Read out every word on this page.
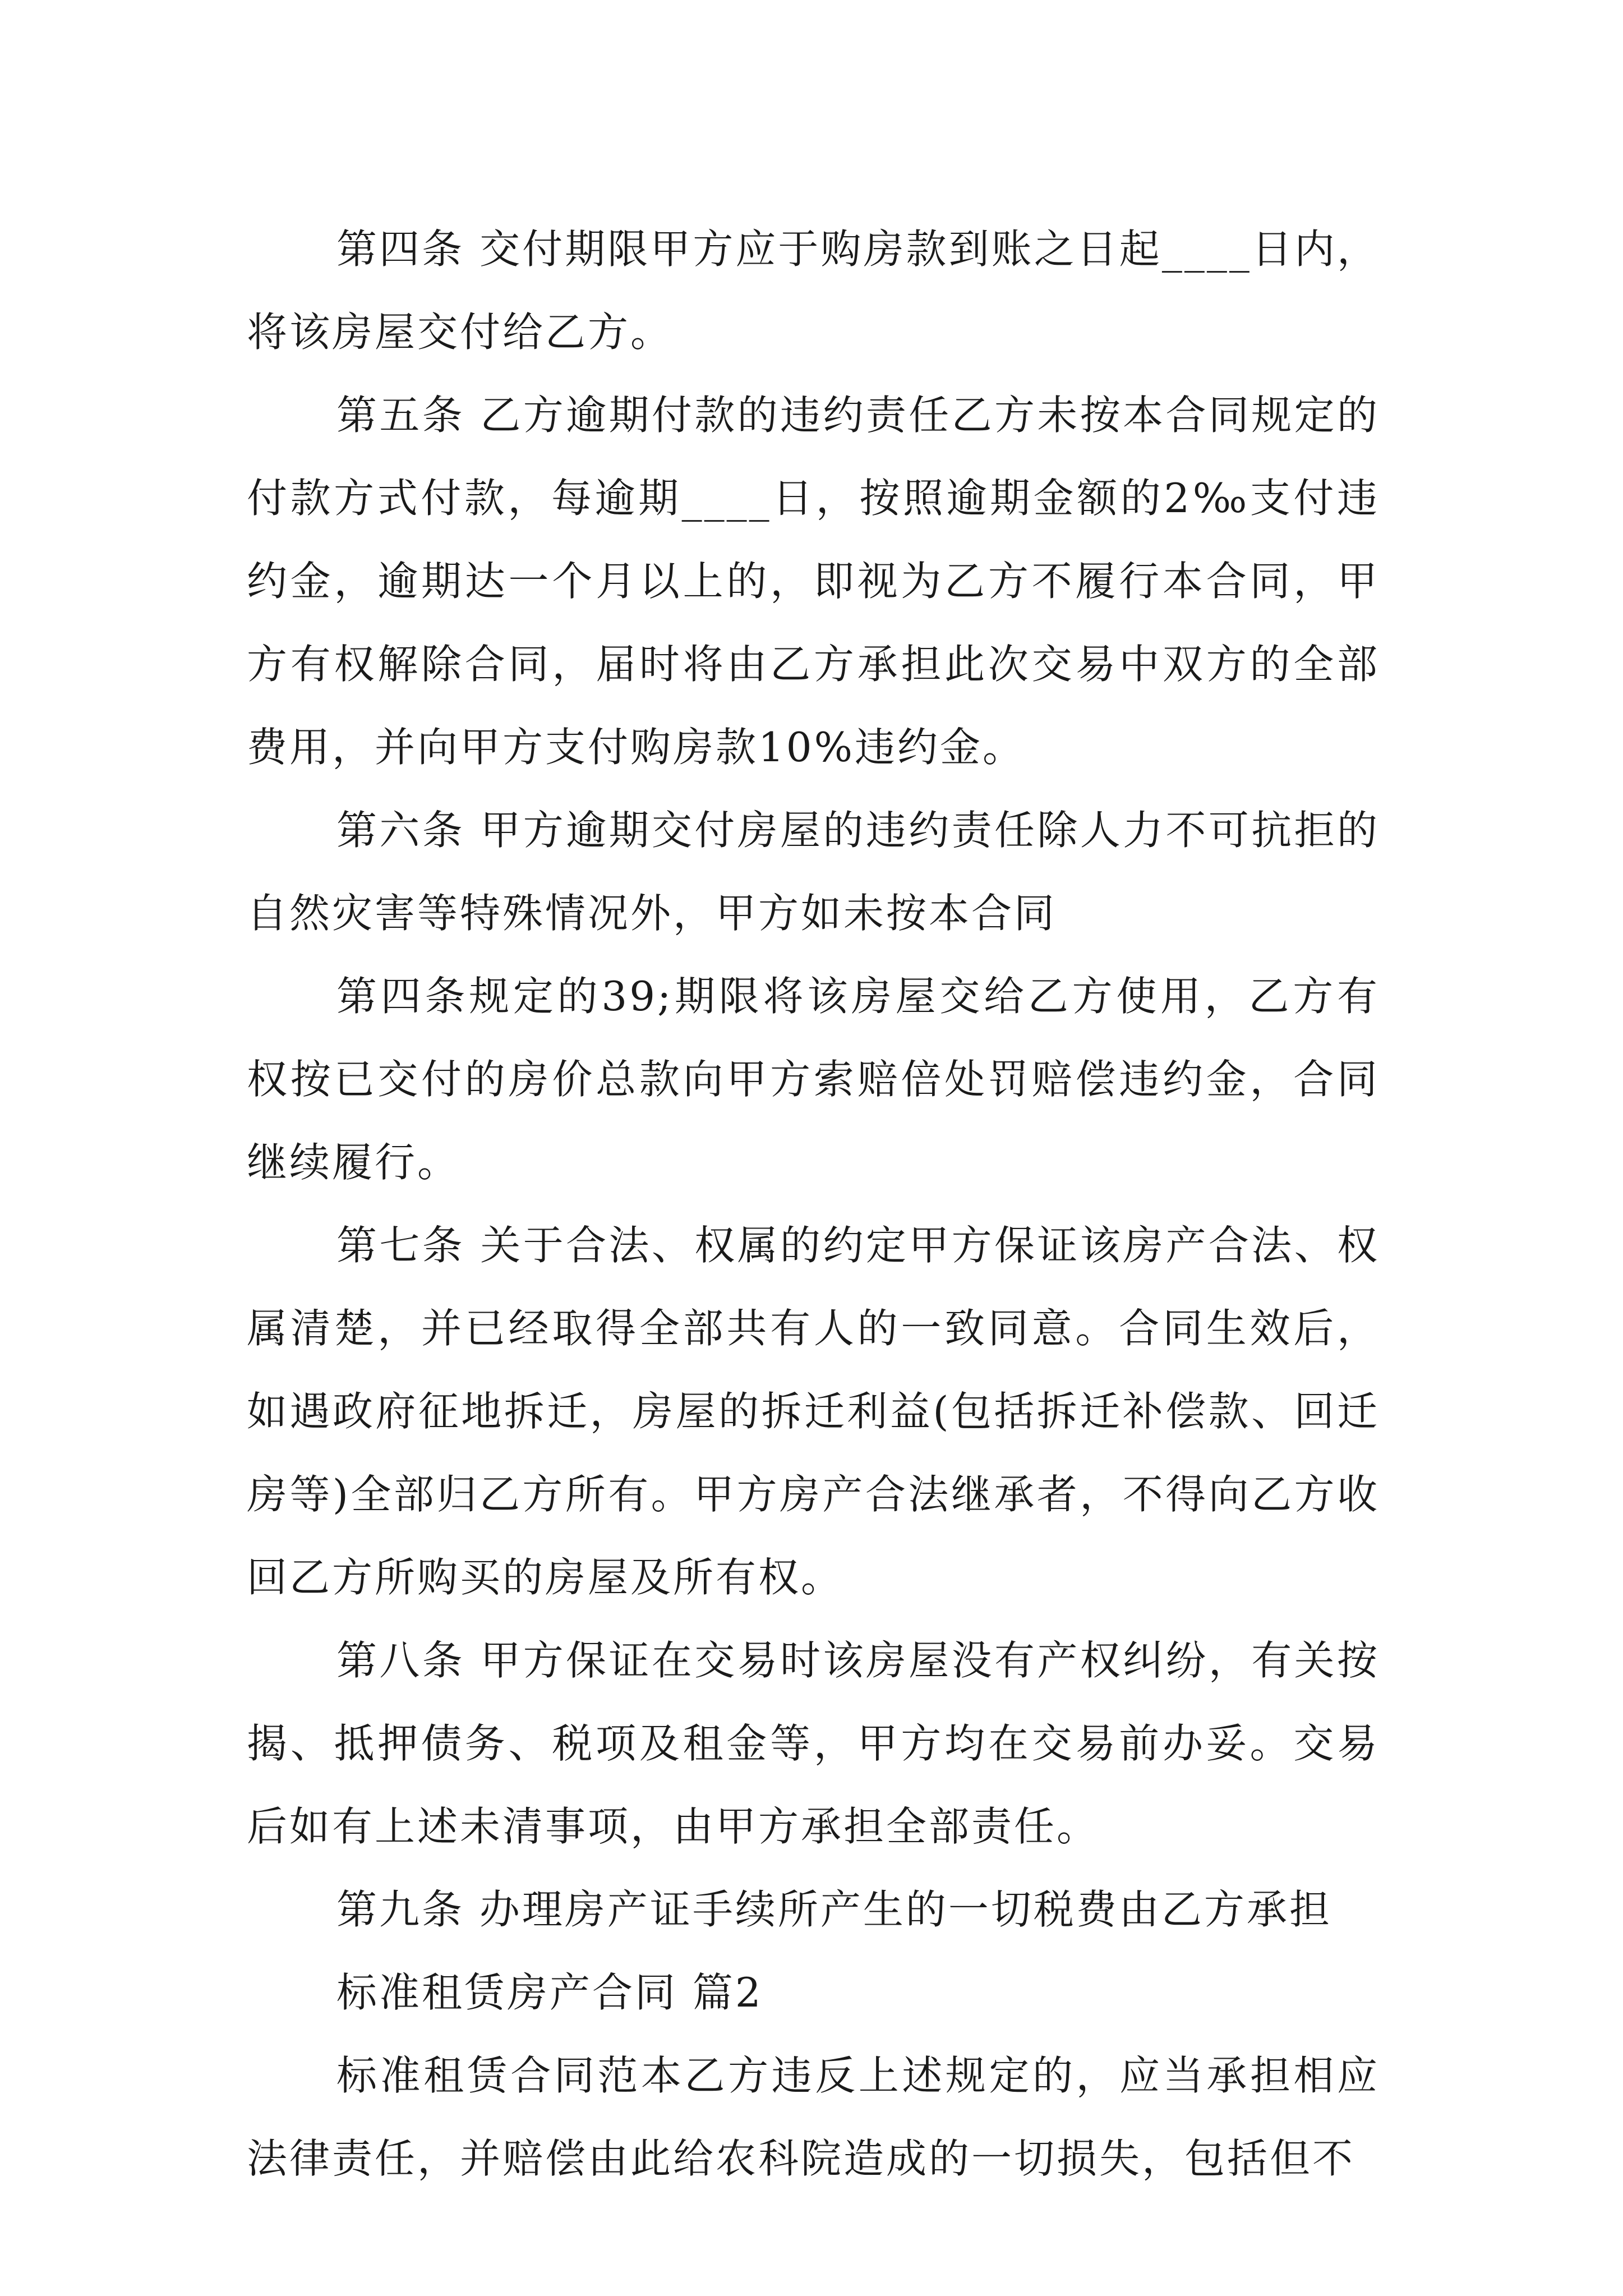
第四条 交付期限甲方应于购房款到账之日起____日内，将该房屋交付给乙方。

第五条 乙方逾期付款的违约责任乙方未按本合同规定的付款方式付款，每逾期____日，按照逾期金额的2‰支付违约金，逾期达一个月以上的，即视为乙方不履行本合同，甲方有权解除合同，届时将由乙方承担此次交易中双方的全部费用，并向甲方支付购房款10%违约金。

第六条 甲方逾期交付房屋的违约责任除人力不可抗拒的自然灾害等特殊情况外，甲方如未按本合同

第四条规定的39;期限将该房屋交给乙方使用，乙方有权按已交付的房价总款向甲方索赔倍处罚赔偿违约金，合同继续履行。

第七条 关于合法、权属的约定甲方保证该房产合法、权属清楚，并已经取得全部共有人的一致同意。合同生效后，如遇政府征地拆迁，房屋的拆迁利益(包括拆迁补偿款、回迁房等)全部归乙方所有。甲方房产合法继承者，不得向乙方收回乙方所购买的房屋及所有权。

第八条 甲方保证在交易时该房屋没有产权纠纷，有关按揭、抵押债务、税项及租金等，甲方均在交易前办妥。交易后如有上述未清事项，由甲方承担全部责任。

第九条 办理房产证手续所产生的一切税费由乙方承担

标准租赁房产合同 篇2

标准租赁合同范本乙方违反上述规定的，应当承担相应法律责任，并赔偿由此给农科院造成的一切损失，包括但不
